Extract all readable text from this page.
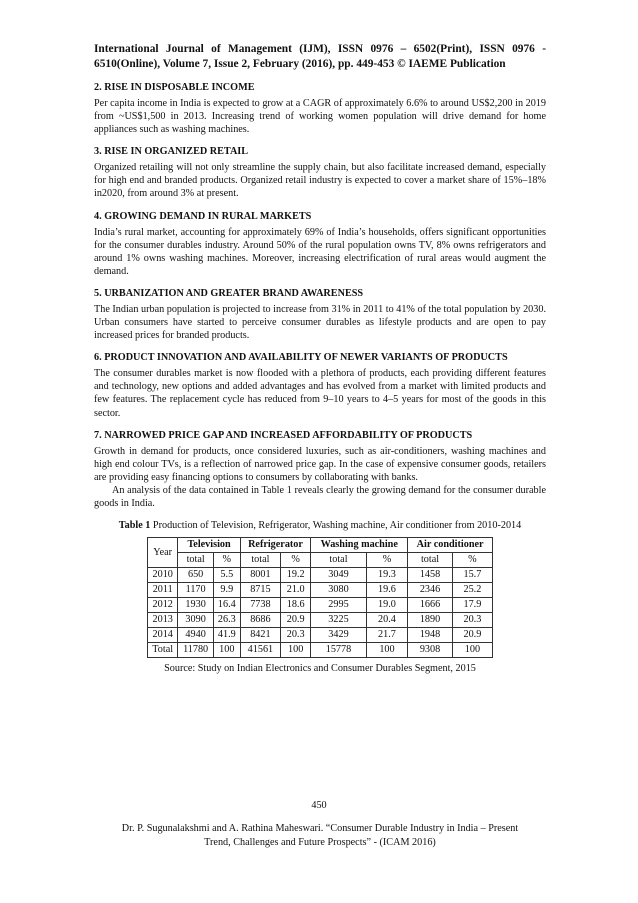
International Journal of Management (IJM), ISSN 0976 – 6502(Print), ISSN 0976 - 6510(Online), Volume 7, Issue 2, February (2016), pp. 449-453 © IAEME Publication
2. RISE IN DISPOSABLE INCOME

Per capita income in India is expected to grow at a CAGR of approximately 6.6% to around US$2,200 in 2019 from ~US$1,500 in 2013. Increasing trend of working women population will drive demand for home appliances such as washing machines.

3. RISE IN ORGANIZED RETAIL

Organized retailing will not only streamline the supply chain, but also facilitate increased demand, especially for high end and branded products. Organized retail industry is expected to cover a market share of 15%–18% in2020, from around 3% at present.

4. GROWING DEMAND IN RURAL MARKETS

India’s rural market, accounting for approximately 69% of India’s households, offers significant opportunities for the consumer durables industry. Around 50% of the rural population owns TV, 8% owns refrigerators and around 1% owns washing machines. Moreover, increasing electrification of rural areas would augment the demand.

5. URBANIZATION AND GREATER BRAND AWARENESS

The Indian urban population is projected to increase from 31% in 2011 to 41% of the total population by 2030. Urban consumers have started to perceive consumer durables as lifestyle products and are open to pay increased prices for branded products.

6. PRODUCT INNOVATION AND AVAILABILITY OF NEWER VARIANTS OF PRODUCTS

The consumer durables market is now flooded with a plethora of products, each providing different features and technology, new options and added advantages and has evolved from a market with limited products and few features. The replacement cycle has reduced from 9–10 years to 4–5 years for most of the goods in this sector.

7. NARROWED PRICE GAP AND INCREASED AFFORDABILITY OF PRODUCTS

Growth in demand for products, once considered luxuries, such as air-conditioners, washing machines and high end colour TVs, is a reflection of narrowed price gap. In the case of expensive consumer goods, retailers are providing easy financing options to consumers by collaborating with banks.

An analysis of the data contained in Table 1 reveals clearly the growing demand for the consumer durable goods in India.

Table 1 Production of Television, Refrigerator, Washing machine, Air conditioner from 2010-2014
Year	Television		Refrigerator		Washing machine		Air conditioner	
	total	%	total	%	total	%	total	%
2010	650	5.5	8001	19.2	3049	19.3	1458	15.7
2011	1170	9.9	8715	21.0	3080	19.6	2346	25.2
2012	1930	16.4	7738	18.6	2995	19.0	1666	17.9
2013	3090	26.3	8686	20.9	3225	20.4	1890	20.3
2014	4940	41.9	8421	20.3	3429	21.7	1948	20.9
Total	11780	100	41561	100	15778	100	9308	100
Source: Study on Indian Electronics and Consumer Durables Segment, 2015
450
Dr. P. Sugunalakshmi and A. Rathina Maheswari. “Consumer Durable Industry in India – Present
Trend, Challenges and Future Prospects” - (ICAM 2016)
